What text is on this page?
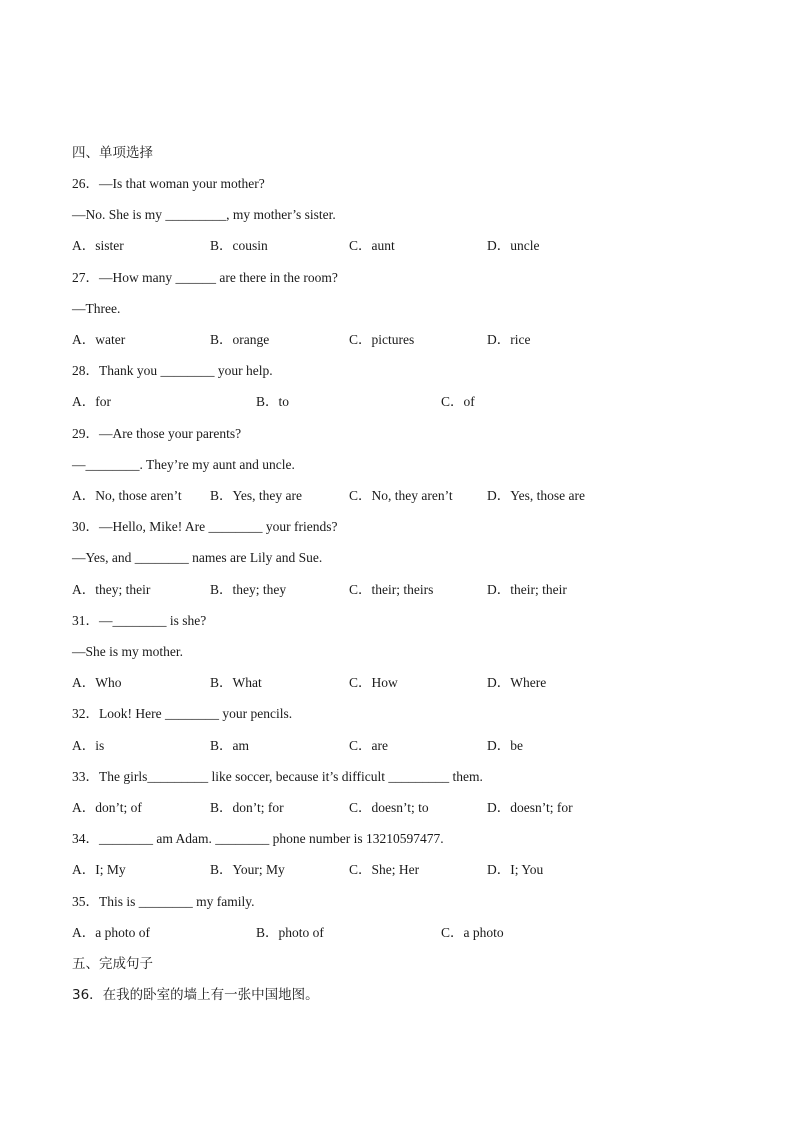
四、单项选择
26．—Is that woman your mother?
—No. She is my _________, my mother’s sister.
A．sister	B．cousin	C．aunt	D．uncle
27．—How many ______ are there in the room?
—Three.
A．water	B．orange	C．pictures	D．rice
28．Thank you ________ your help.
A．for	B．to	C．of
29．—Are those your parents?
—________. They’re my aunt and uncle.
A．No, those aren’t B．Yes, they are	C．No, they aren’t	D．Yes, those are
30．—Hello, Mike! Are ________ your friends?
—Yes, and ________ names are Lily and Sue.
A．they; their	B．they; they	C．their; theirs	D．their; their
31．—________ is she?
—She is my mother.
A．Who	B．What	C．How	D．Where
32．Look! Here ________ your pencils.
A．is	B．am	C．are	D．be
33．The girls_________ like soccer, because it’s difficult _________ them.
A．don’t; of	B．don’t; for	C．doesn’t; to	D．doesn’t; for
34．________ am Adam. ________ phone number is 13210597477.
A．I; My	B．Your; My	C．She; Her	D．I; You
35．This is ________ my family.
A．a photo of	B．photo of	C．a photo
五、完成句子
36．在我的卧室的墙上有一张中国地图。
